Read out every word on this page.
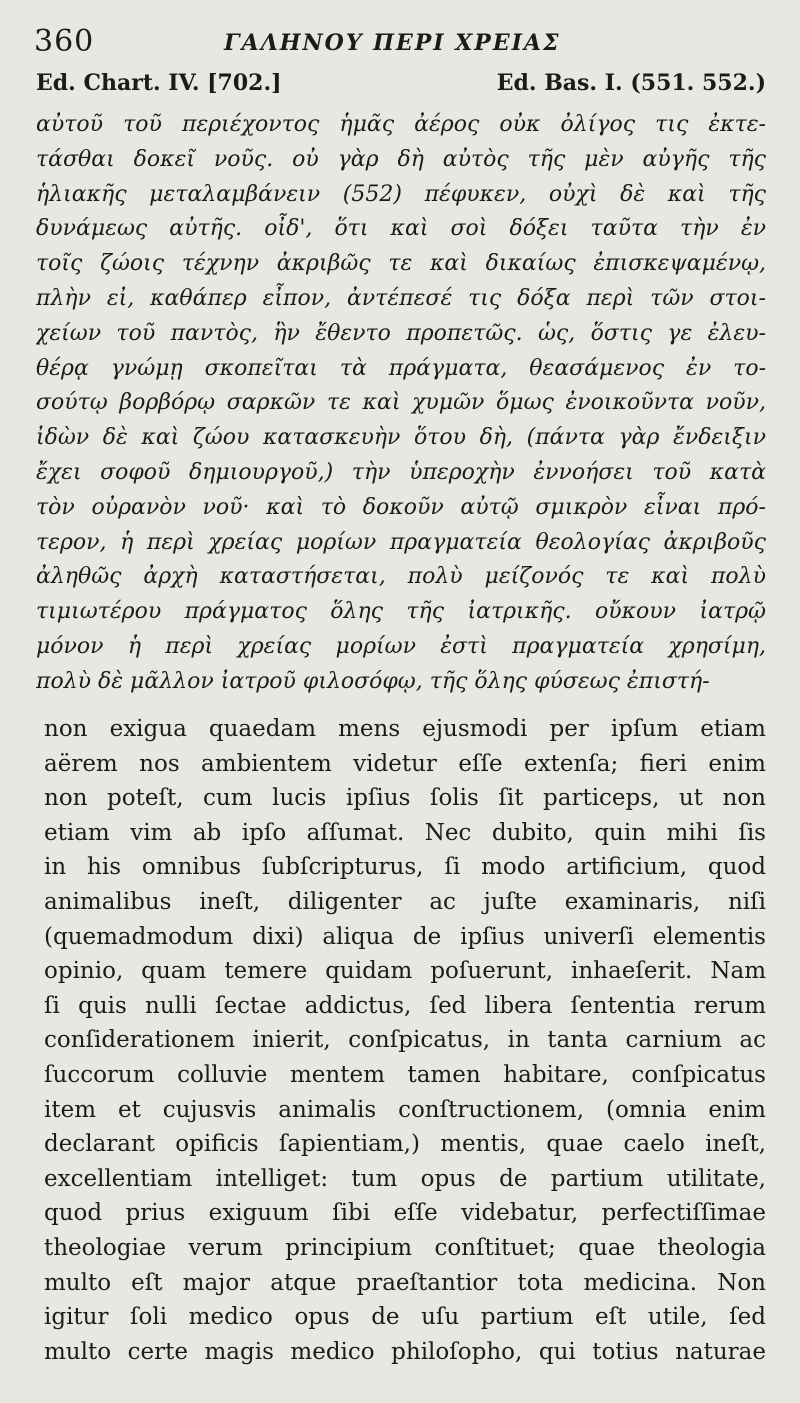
360	ΓΑΛΗΝΟΥ ΠΕΡΙ ΧΡΕΙΑΣ
Ed. Chart. IV. [702.]	Ed. Bas. I. (551. 552.)
αὐτοῦ τοῦ περιέχοντος ἡμᾶς ἀέρος οὐκ ὀλίγος τις ἐκτε-
τάσθαι δοκεῖ νοῦς. οὐ γὰρ δὴ αὐτὸς τῆς μὲν αὐγῆς τῆς
ἡλιακῆς μεταλαμβάνειν (552) πέφυκεν, οὐχὶ δὲ καὶ τῆς
δυνάμεως αὐτῆς. οἶδ', ὅτι καὶ σοὶ δόξει ταῦτα τὴν ἐν
τοῖς ζώοις τέχνην ἀκριβῶς τε καὶ δικαίως ἐπισκεψαμένῳ,
πλὴν εἰ, καθάπερ εἶπον, ἀντέπεσέ τις δόξα περὶ τῶν στοι-
χείων τοῦ παντὸς, ἣν ἔθεντο προπετῶς. ὡς, ὅστις γε ἐλευ-
θέρᾳ γνώμῃ σκοπεῖται τὰ πράγματα, θεασάμενος ἐν το-
σούτῳ βορβόρῳ σαρκῶν τε καὶ χυμῶν ὅμως ἐνοικοῦντα νοῦν,
ἰδὼν δὲ καὶ ζώου κατασκευὴν ὅτου δὴ, (πάντα γὰρ ἔνδειξιν
ἔχει σοφοῦ δημιουργοῦ,) τὴν ὑπεροχὴν ἐννοήσει τοῦ κατὰ
τὸν οὐρανὸν νοῦ· καὶ τὸ δοκοῦν αὐτῷ σμικρὸν εἶναι πρό-
τερον, ἡ περὶ χρείας μορίων πραγματεία θεολογίας ἀκριβοῦς
ἀληθῶς ἀρχὴ καταστήσεται, πολὺ μείζονός τε καὶ πολὺ
τιμιωτέρου πράγματος ὅλης τῆς ἰατρικῆς. οὔκουν ἰατρῷ
μόνον ἡ περὶ χρείας μορίων ἐστὶ πραγματεία χρησίμη,
πολὺ δὲ μᾶλλον ἰατροῦ φιλοσόφῳ, τῆς ὅλης φύσεως ἐπιστή-
non exigua quaedam mens ejusmodi per ipſum etiam
aërem nos ambientem videtur eſſe extenſa; fieri enim
non poteſt, cum lucis ipſius ſolis ſit particeps, ut non
etiam vim ab ipſo aſſumat. Nec dubito, quin mihi ſis
in his omnibus ſubſcripturus, ſi modo artificium, quod
animalibus ineſt, diligenter ac juſte examinaris, niſi
(quemadmodum dixi) aliqua de ipſius univerſi elementis
opinio, quam temere quidam poſuerunt, inhaeſerit. Nam
ſi quis nulli ſectae addictus, ſed libera ſententia rerum
conſiderationem inierit, conſpicatus, in tanta carnium ac
ſuccorum colluvie mentem tamen habitare, conſpicatus
item et cujusvis animalis conſtructionem, (omnia enim
declarant opificis ſapientiam,) mentis, quae caelo ineſt,
excellentiam intelliget: tum opus de partium utilitate,
quod prius exiguum ſibi eſſe videbatur, perfectiſſimae
theologiae verum principium conſtituet; quae theologia
multo eſt major atque praeſtantior tota medicina. Non
igitur ſoli medico opus de uſu partium eſt utile, ſed
multo certe magis medico philoſopho, qui totius naturae
